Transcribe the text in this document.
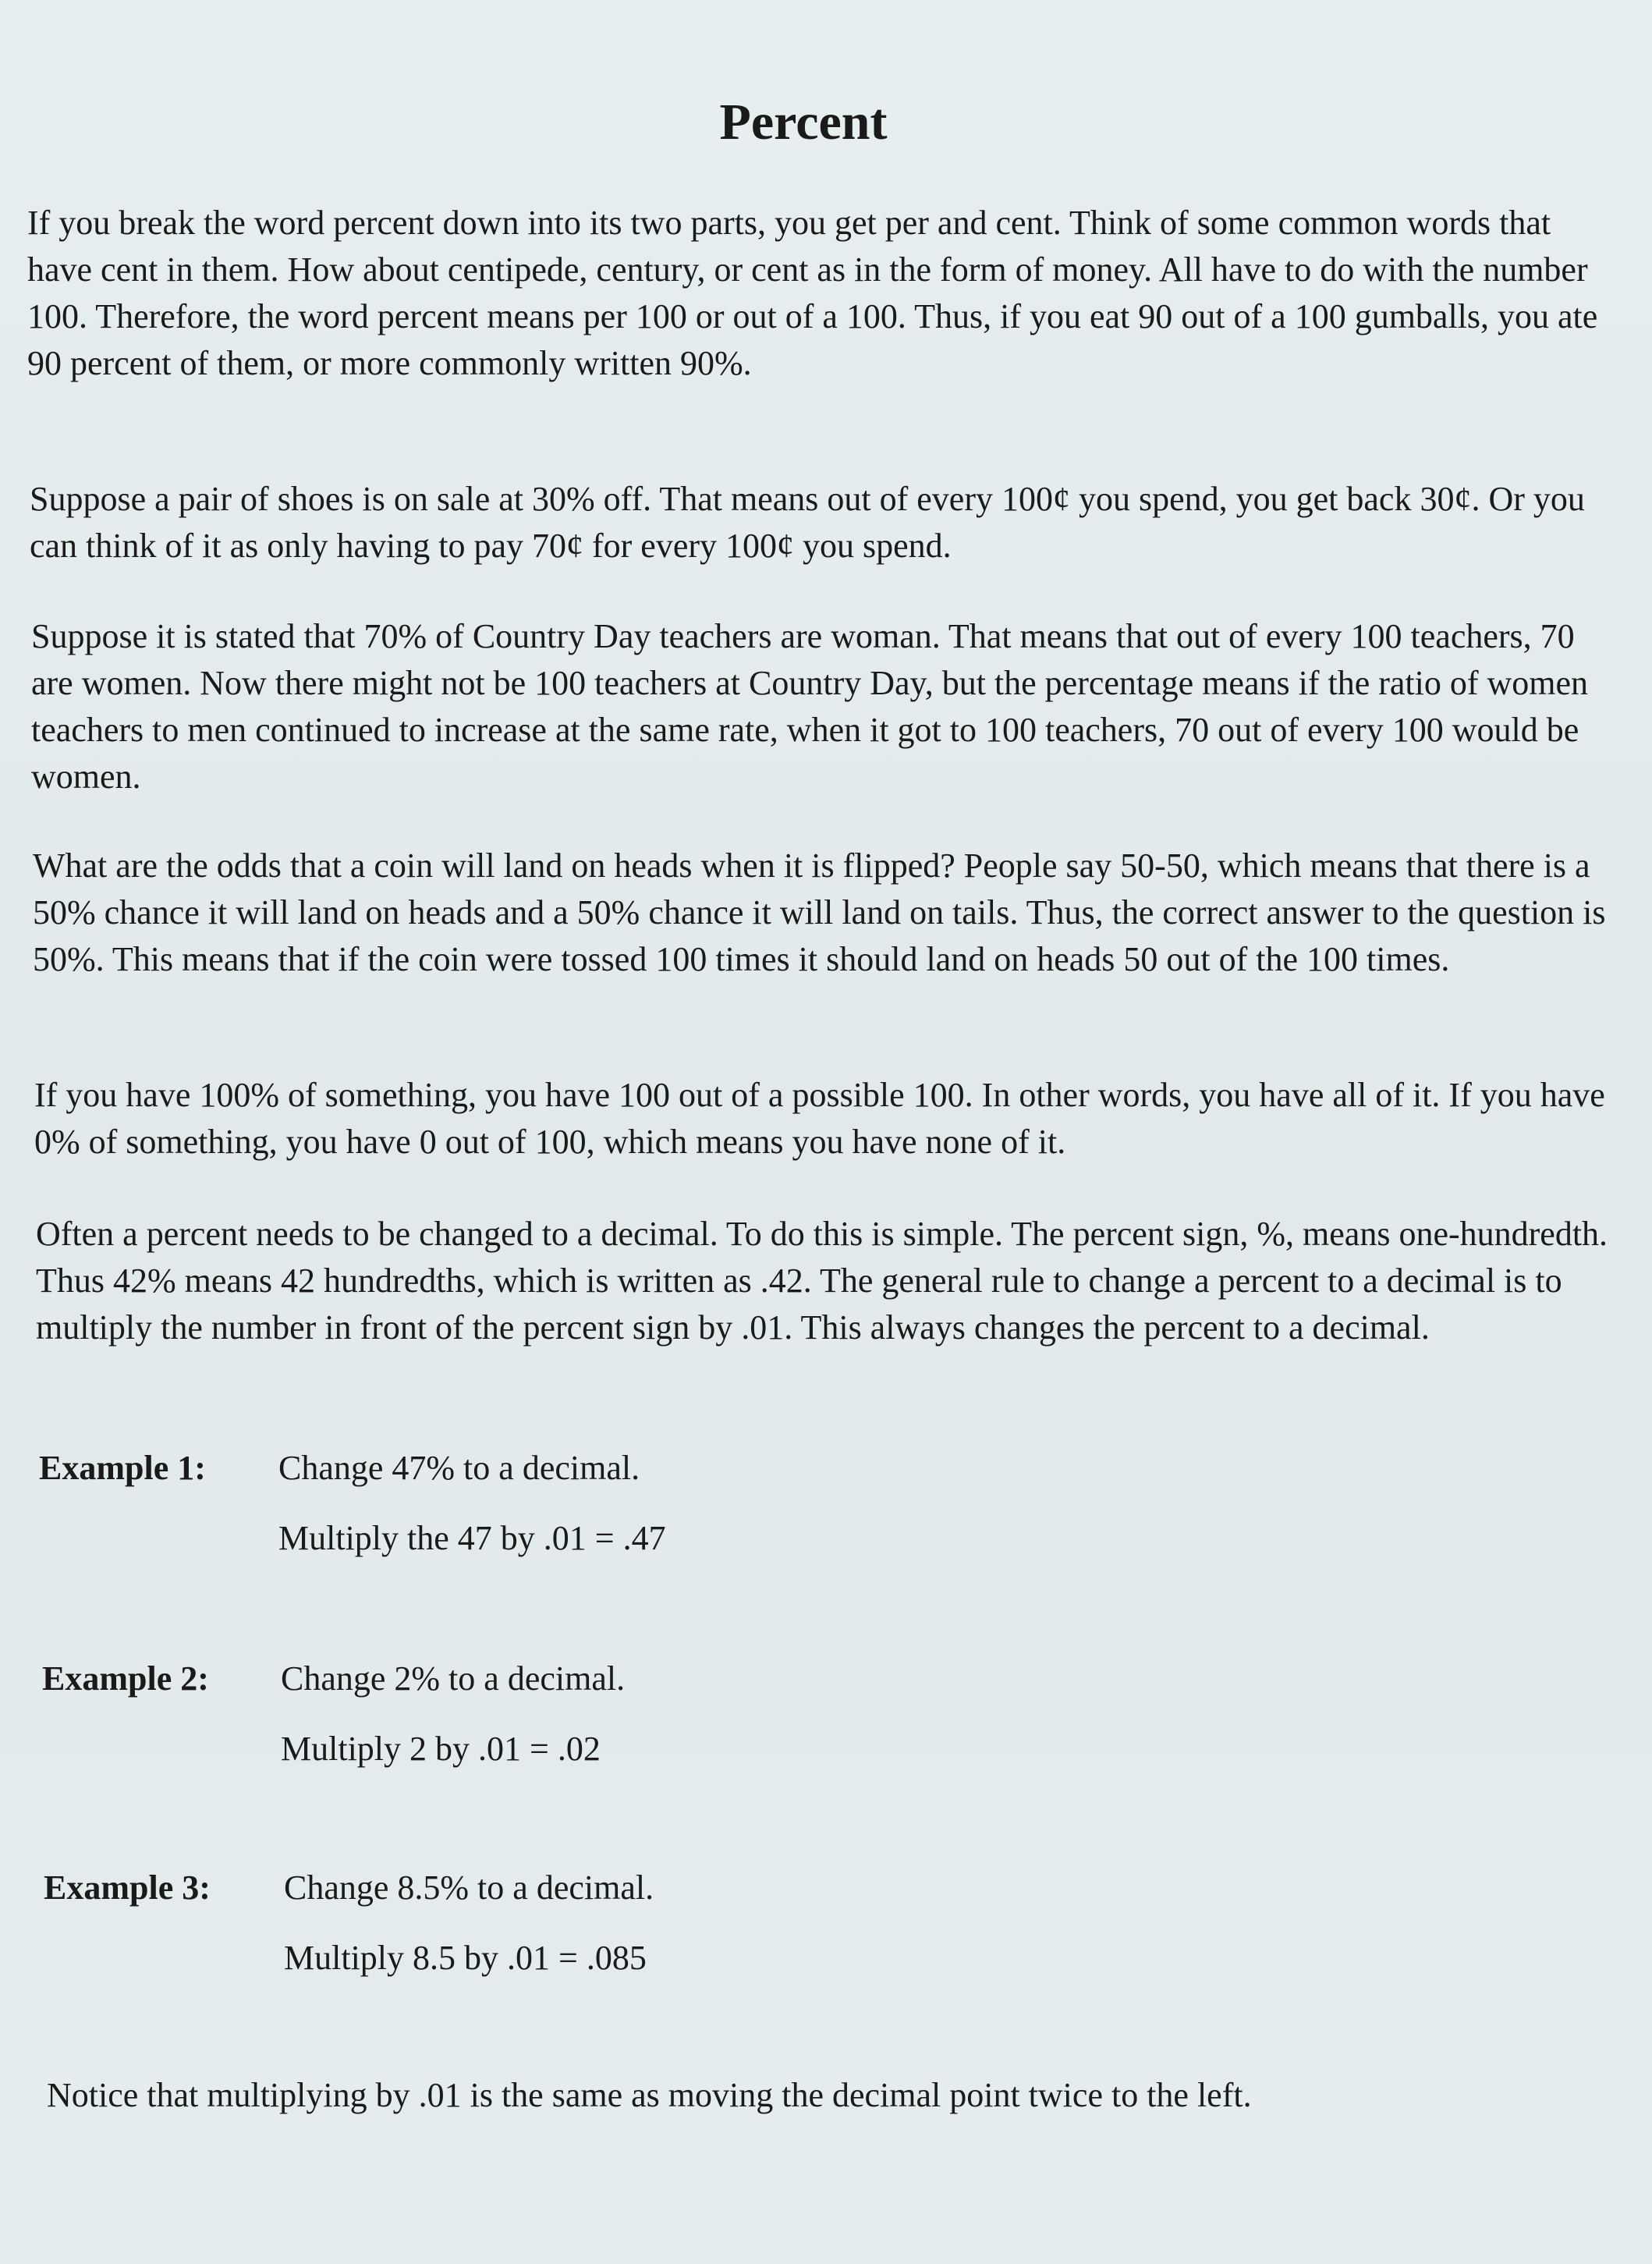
Percent

If you break the word percent down into its two parts, you get per and cent. Think of some common words that have cent in them. How about centipede, century, or cent as in the form of money. All have to do with the number 100. Therefore, the word percent means per 100 or out of a 100. Thus, if you eat 90 out of a 100 gumballs, you ate 90 percent of them, or more commonly written 90%.

Suppose a pair of shoes is on sale at 30% off. That means out of every 100¢ you spend, you get back 30¢. Or you can think of it as only having to pay 70¢ for every 100¢ you spend.

Suppose it is stated that 70% of Country Day teachers are woman. That means that out of every 100 teachers, 70 are women. Now there might not be 100 teachers at Country Day, but the percentage means if the ratio of women teachers to men continued to increase at the same rate, when it got to 100 teachers, 70 out of every 100 would be women.

What are the odds that a coin will land on heads when it is flipped? People say 50-50, which means that there is a 50% chance it will land on heads and a 50% chance it will land on tails. Thus, the correct answer to the question is 50%. This means that if the coin were tossed 100 times it should land on heads 50 out of the 100 times.

If you have 100% of something, you have 100 out of a possible 100. In other words, you have all of it. If you have 0% of something, you have 0 out of 100, which means you have none of it.

Often a percent needs to be changed to a decimal. To do this is simple. The percent sign, %, means one-hundredth. Thus 42% means 42 hundredths, which is written as .42. The general rule to change a percent to a decimal is to multiply the number in front of the percent sign by .01. This always changes the percent to a decimal.

Example 1: Change 47% to a decimal.
Multiply the 47 by .01 = .47
Example 2: Change 2% to a decimal.
Multiply 2 by .01 = .02
Example 3: Change 8.5% to a decimal.
Multiply 8.5 by .01 = .085
Notice that multiplying by .01 is the same as moving the decimal point twice to the left.
